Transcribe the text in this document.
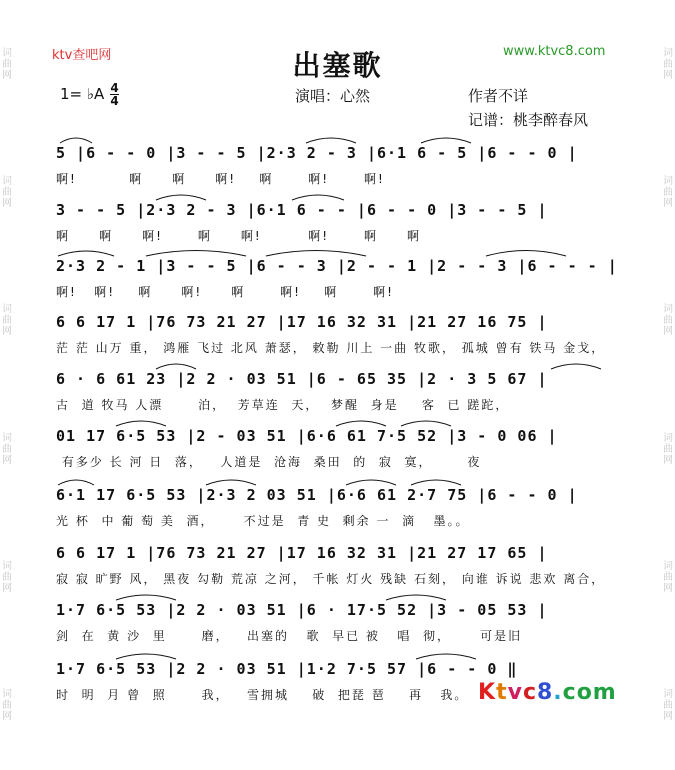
词
曲
网
词
曲
网
词
曲
网
词
曲
网
词
曲
网
词
曲
网
词
曲
网
词
曲
网
词
曲
网
词
曲
网
词
曲
网
词
曲
网
ktv查吧网	出塞歌	www.ktvc8.com
1= ♭A 4
4	演唱：心然	作者不详
记谱：桃李醉春风
5 |6 - - 0 |3 - - 5 |2·3 2 - 3 |6·1 6 - 5 |6 - - 0 |
啊!         啊     啊     啊!    啊      啊!      啊!
3 - - 5 |2·3 2 - 3 |6·1 6 - - |6 - - 0 |3 - - 5 |
啊     啊     啊!      啊     啊!        啊!      啊     啊
2·3 2 - 1 |3 - - 5 |6 - - 3 |2 - - 1 |2 - - 3 |6 - - - |
啊!   啊!    啊     啊!     啊      啊!    啊      啊!
6 6 17 1 |76 73 21 27 |17 16 32 31 |21 27 16 75 |
茫 茫 山万 重， 鸿雁 飞过 北风 萧瑟， 敕勒 川上 一曲 牧歌， 孤城 曾有 铁马 金戈，
6 · 6 61 23 |2 2 · 03 51 |6 - 65 35 |2 · 3 5 67 |
古  道 牧马 人漂      泊，  芳草连  天，  梦醒  身是    客  已 蹉跎，
01 17 6·5 53 |2 - 03 51 |6·6 61 7·5 52 |3 - 0 06 |
有多少 长 河 日  落，   人道是  沧海  桑田  的  寂  寞，      夜
6·1 17 6·5 53 |2·3 2 03 51 |6·6 61 2·7 75 |6 - - 0 |
光 杯  中 葡 萄 美  酒，     不过是  青 史  剩余 一  滴   墨。。
6 6 17 1 |76 73 21 27 |17 16 32 31 |21 27 17 65 |
寂 寂 旷野 风， 黑夜 勾勒 荒凉 之河， 千帐 灯火 残缺 石刻， 向谁 诉说 悲欢 离合，
1·7 6·5 53 |2 2 · 03 51 |6 · 17·5 52 |3 - 05 53 |
剑  在  黄 沙  里      磨，   出塞的   歌  早已 被   唱  彻，     可是旧
1·7 6·5 53 |2 2 · 03 51 |1·2 7·5 57 |6 - - 0 ‖
时  明  月 曾  照      我，   雪拥城    破  把琵 琶    再   我。 Ktvc8.com
